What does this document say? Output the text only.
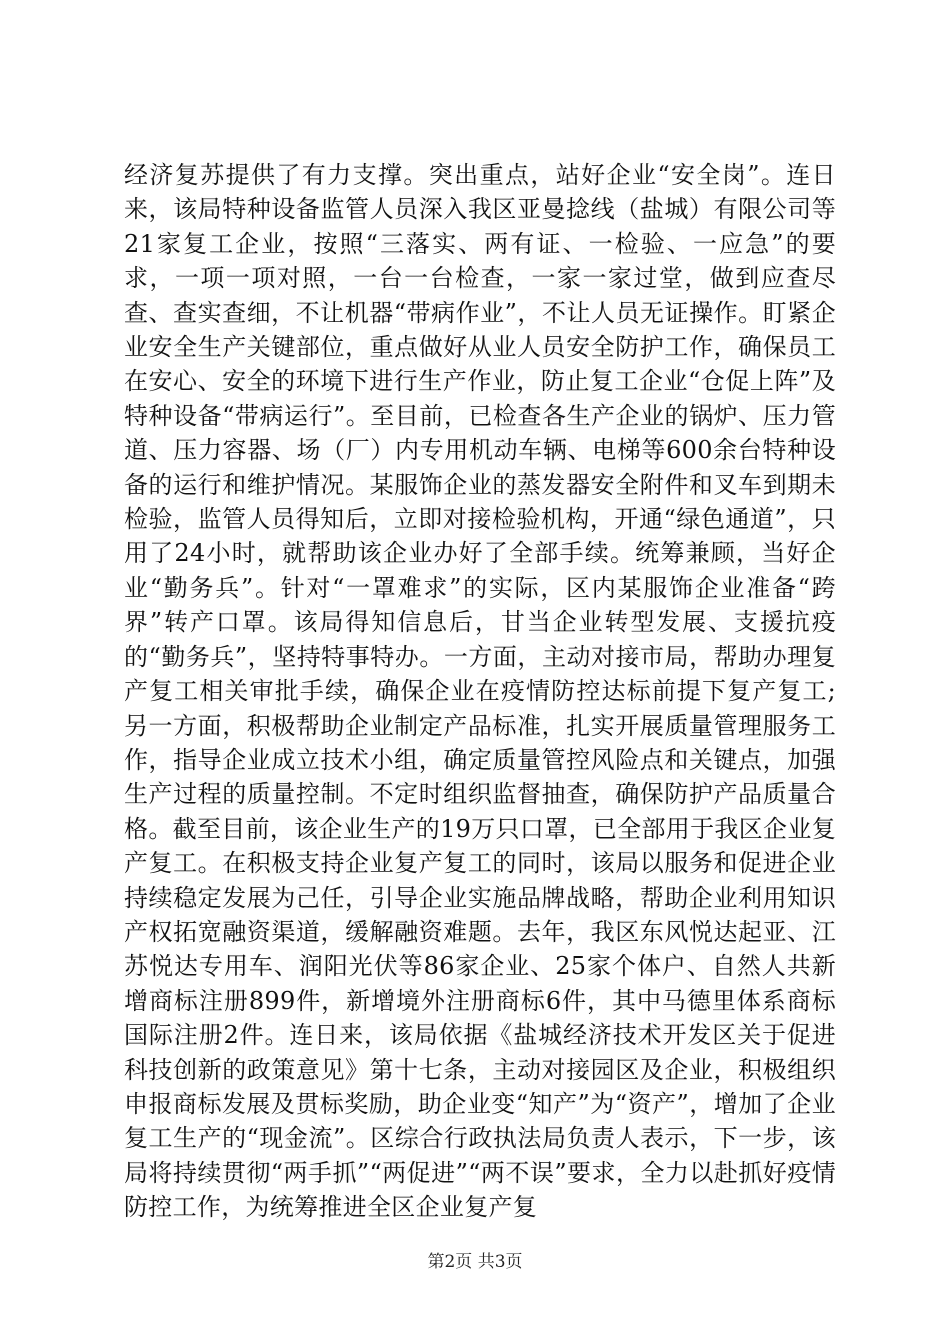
经济复苏提供了有力支撑。突出重点，站好企业“安全岗”。连日来，该局特种设备监管人员深入我区亚曼捻线（盐城）有限公司等21家复工企业，按照“三落实、两有证、一检验、一应急”的要求，一项一项对照，一台一台检查，一家一家过堂，做到应查尽查、查实查细，不让机器“带病作业”，不让人员无证操作。盯紧企业安全生产关键部位，重点做好从业人员安全防护工作，确保员工在安心、安全的环境下进行生产作业，防止复工企业“仓促上阵”及特种设备“带病运行”。至目前，已检查各生产企业的锅炉、压力管道、压力容器、场（厂）内专用机动车辆、电梯等600余台特种设备的运行和维护情况。某服饰企业的蒸发器安全附件和叉车到期未检验，监管人员得知后，立即对接检验机构，开通“绿色通道”，只用了24小时，就帮助该企业办好了全部手续。统筹兼顾，当好企业“勤务兵”。针对“一罩难求”的实际，区内某服饰企业准备“跨界”转产口罩。该局得知信息后，甘当企业转型发展、支援抗疫的“勤务兵”，坚持特事特办。一方面，主动对接市局，帮助办理复产复工相关审批手续，确保企业在疫情防控达标前提下复产复工;另一方面，积极帮助企业制定产品标准，扎实开展质量管理服务工作，指导企业成立技术小组，确定质量管控风险点和关键点，加强生产过程的质量控制。不定时组织监督抽查，确保防护产品质量合格。截至目前，该企业生产的19万只口罩，已全部用于我区企业复产复工。在积极支持企业复产复工的同时，该局以服务和促进企业持续稳定发展为己任，引导企业实施品牌战略，帮助企业利用知识产权拓宽融资渠道，缓解融资难题。去年，我区东风悦达起亚、江苏悦达专用车、润阳光伏等86家企业、25家个体户、自然人共新增商标注册899件，新增境外注册商标6件，其中马德里体系商标国际注册2件。连日来，该局依据《盐城经济技术开发区关于促进科技创新的政策意见》第十七条，主动对接园区及企业，积极组织申报商标发展及贯标奖励，助企业变“知产”为“资产”，增加了企业复工生产的“现金流”。区综合行政执法局负责人表示，下一步，该局将持续贯彻“两手抓”“两促进”“两不误”要求，全力以赴抓好疫情防控工作，为统筹推进全区企业复产复

第2页 共3页
